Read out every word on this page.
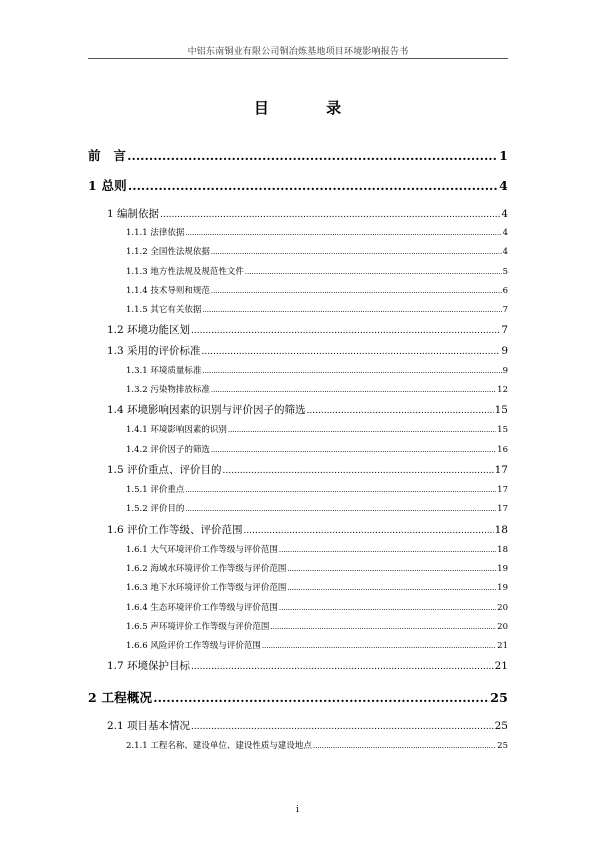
中铝东南铜业有限公司铜冶炼基地项目环境影响报告书
目 录
前　言 .....	1
1 总则 .....	4
1 编制依据 .....	4
1.1.1 法律依据 .....	4
1.1.2 全国性法规依据 .....	4
1.1.3 地方性法规及规范性文件 .....	5
1.1.4 技术导则和规范 .....	6
1.1.5 其它有关依据 .....	7
1.2 环境功能区划 .....	7
1.3 采用的评价标准 .....	9
1.3.1 环境质量标准 .....	9
1.3.2 污染物排放标准 .....	12
1.4 环境影响因素的识别与评价因子的筛选 .....	15
1.4.1 环境影响因素的识别 .....	15
1.4.2 评价因子的筛选 .....	16
1.5 评价重点、评价目的 .....	17
1.5.1 评价重点 .....	17
1.5.2 评价目的 .....	17
1.6 评价工作等级、评价范围 .....	18
1.6.1 大气环境评价工作等级与评价范围 .....	18
1.6.2 海域水环境评价工作等级与评价范围 .....	19
1.6.3 地下水环境评价工作等级与评价范围 .....	19
1.6.4 生态环境评价工作等级与评价范围 .....	20
1.6.5 声环境评价工作等级与评价范围 .....	20
1.6.6 风险评价工作等级与评价范围 .....	21
1.7 环境保护目标 .....	21
2 工程概况 .....	25
2.1 项目基本情况 .....	25
2.1.1 工程名称、建设单位、建设性质与建设地点 .....	25
i
